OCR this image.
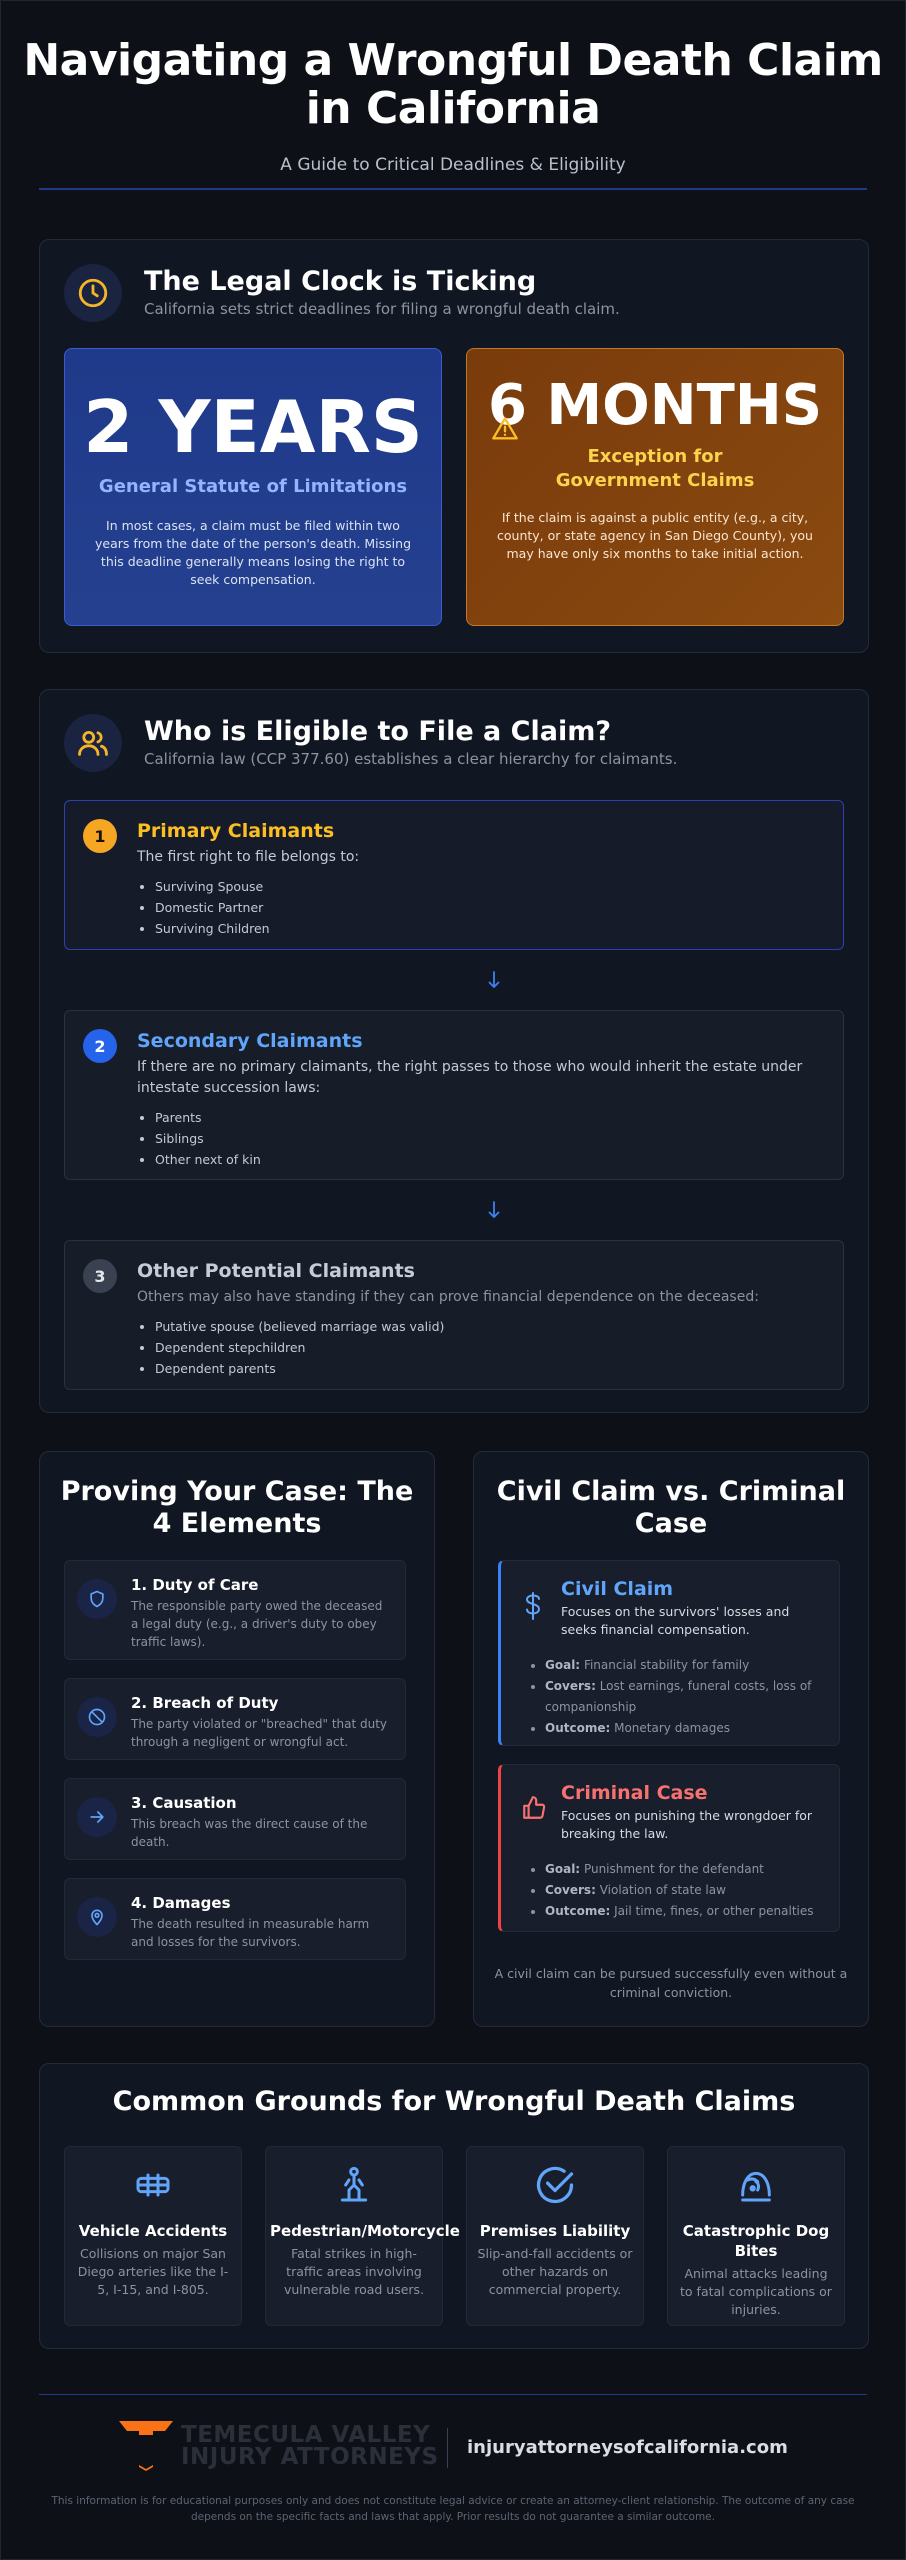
Navigating a Wrongful Death Claim in California
A Guide to Critical Deadlines & Eligibility
The Legal Clock is Ticking
California sets strict deadlines for filing a wrongful death claim.
2 YEARS
General Statute of Limitations
In most cases, a claim must be filed within two years from the date of the person's death. Missing this deadline generally means losing the right to seek compensation.
6 MONTHS
Exception for Government Claims
If the claim is against a public entity (e.g., a city, county, or state agency in San Diego County), you may have only six months to take initial action.
Who is Eligible to File a Claim?
California law (CCP 377.60) establishes a clear hierarchy for claimants.
1	Primary Claimants
The first right to file belongs to:
• Surviving Spouse
• Domestic Partner
• Surviving Children
2	Secondary Claimants
If there are no primary claimants, the right passes to those who would inherit the estate under intestate succession laws:
• Parents
• Siblings
• Other next of kin
3	Other Potential Claimants
Others may also have standing if they can prove financial dependence on the deceased:
• Putative spouse (believed marriage was valid)
• Dependent stepchildren
• Dependent parents
Proving Your Case: The 4 Elements
1. Duty of Care
The responsible party owed the deceased a legal duty (e.g., a driver's duty to obey traffic laws).
2. Breach of Duty
The party violated or "breached" that duty through a negligent or wrongful act.
3. Causation
This breach was the direct cause of the death.
4. Damages
The death resulted in measurable harm and losses for the survivors.
Civil Claim vs. Criminal Case
Civil Claim
Focuses on the survivors' losses and seeks financial compensation.
• Goal: Financial stability for family
• Covers: Lost earnings, funeral costs, loss of companionship
• Outcome: Monetary damages
Criminal Case
Focuses on punishing the wrongdoer for breaking the law.
• Goal: Punishment for the defendant
• Covers: Violation of state law
• Outcome: Jail time, fines, or other penalties
A civil claim can be pursued successfully even without a criminal conviction.
Common Grounds for Wrongful Death Claims
Vehicle Accidents
Collisions on major San Diego arteries like the I-5, I-15, and I-805.
Pedestrian/Motorcycle
Fatal strikes in high-traffic areas involving vulnerable road users.
Premises Liability
Slip-and-fall accidents or other hazards on commercial property.
Catastrophic Dog Bites
Animal attacks leading to fatal complications or injuries.
TEMECULA VALLEY
INJURY ATTORNEYS injuryattorneysofcalifornia.com
This information is for educational purposes only and does not constitute legal advice or create an attorney-client relationship. The outcome of any case depends on the specific facts and laws that apply. Prior results do not guarantee a similar outcome.
